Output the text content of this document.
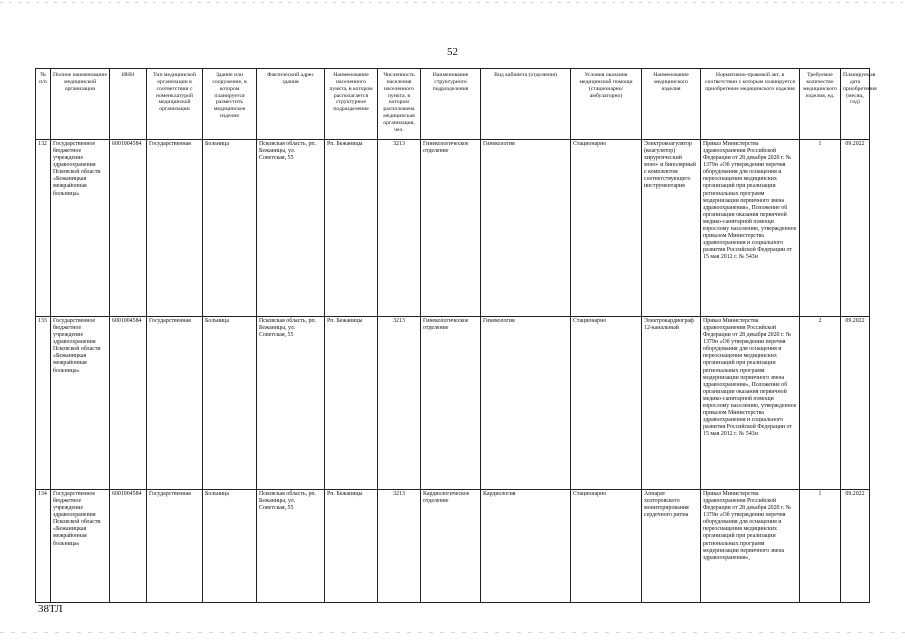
52
№ п/п	Полное наименование медицинской организации	ИНН	Тип медицинской организации в соответствии с номенклатурой медицинской организации	Здание или сооружение, в котором планируется разместить медицинское изделие	Фактический адрес здания	Наименование населенного пункта, в котором располагается структурное подразделение	Численность населения населенного пункта, в котором расположена медицинская организация, чел.	Наименование структурного подразделения	Вид кабинета (отделения)	Условия оказания медицинской помощи (стационарно/амбулаторно)	Наименование медицинского изделия	Нормативно-правовой акт, в соответствии с которым планируется приобретение медицинского изделия	Требуемое количество медицинского изделия, ед.	Планируемая дата приобретения (месяц, год)
132	Государственное бюджетное учреждение здравоохранения Псковской области «Бежаницкая межрайонная больница»	6001004584	Государственная	Больница	Псковская область, рп. Бежаницы, ул. Советская, 55	Рп. Бежаницы	3213	Гинекологическое отделение	Гинекология	Стационарно	Электрокоагулятор (коагулятор) хирургический моно- и биполярный с комплектом соответствующего инструментария	Приказ Министерства здравоохранения Российской Федерации от 28 декабря 2020 г. № 1379н «Об утверждении перечня оборудования для оснащения и переоснащения медицинских организаций при реализации региональных программ модернизации первичного звена здравоохранения», Положение об организации оказания первичной медико-санитарной помощи взрослому населению, утвержденное приказом Министерства здравоохранения и социального развития Российской Федерации от 15 мая 2012 г. № 543н	1	09.2022
133	Государственное бюджетное учреждение здравоохранения Псковской области «Бежаницкая межрайонная больница»	6001004584	Государственная	Больница	Псковская область, рп. Бежаницы, ул. Советская, 55	Рп. Бежаницы	3213	Гинекологическое отделение	Гинекология	Стационарно	Электрокардиограф 12-канальный	Приказ Министерства здравоохранения Российской Федерации от 28 декабря 2020 г. № 1379н «Об утверждении перечня оборудования для оснащения и переоснащения медицинских организаций при реализации региональных программ модернизации первичного звена здравоохранения», Положение об организации оказания первичной медико-санитарной помощи взрослому населению, утвержденное приказом Министерства здравоохранения и социального развития Российской Федерации от 15 мая 2012 г. № 543н	2	09.2022
134	Государственное бюджетное учреждение здравоохранения Псковской области «Бежаницкая межрайонная больница»	6001004584	Государственная	Больница	Псковская область, рп. Бежаницы, ул. Советская, 55	Рп. Бежаницы	3213	Кардиологическое отделение	Кардиология	Стационарно	Аппарат холтеровского мониторирования сердечного ритма	Приказ Министерства здравоохранения Российской Федерации от 28 декабря 2020 г. № 1379н «Об утверждении перечня оборудования для оснащения и переоснащения медицинских организаций при реализации региональных программ модернизации первичного звена здравоохранения»,	1	09.2022
38ТЛ
